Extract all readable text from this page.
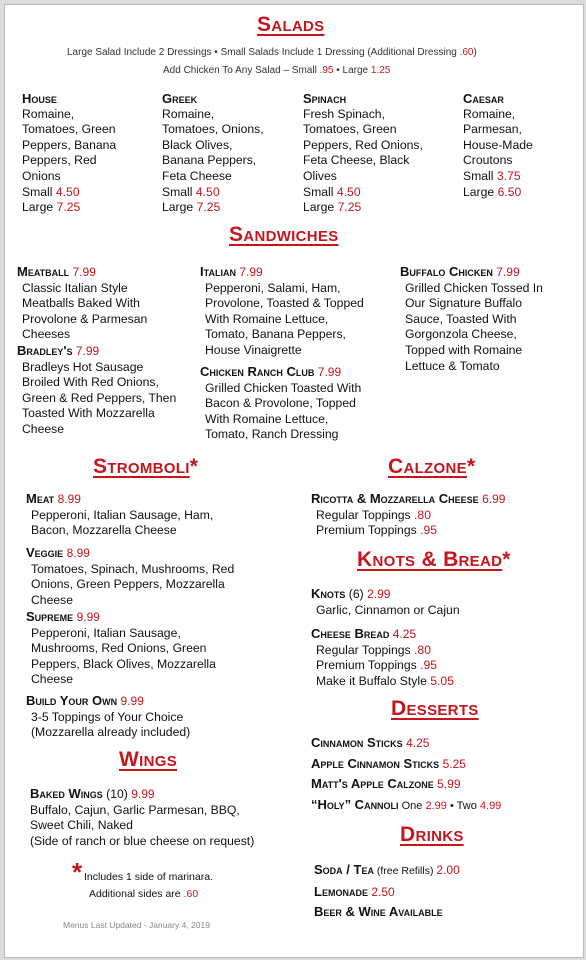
Salads
Large Salad Include 2 Dressings • Small Salads Include 1 Dressing (Additional Dressing .60)
Add Chicken To Any Salad – Small .95 • Large 1.25
House
Romaine,
Tomatoes, Green
Peppers, Banana
Peppers, Red
Onions
Small 4.50
Large 7.25
Greek
Romaine,
Tomatoes, Onions,
Black Olives,
Banana Peppers,
Feta Cheese
Small 4.50
Large 7.25
Spinach
Fresh Spinach,
Tomatoes, Green
Peppers, Red Onions,
Feta Cheese, Black
Olives
Small 4.50
Large 7.25
Caesar
Romaine,
Parmesan,
House-Made
Croutons
Small 3.75
Large 6.50
Sandwiches
Meatball 7.99
Classic Italian Style
Meatballs Baked With
Provolone & Parmesan
Cheeses
Bradley's 7.99
Bradleys Hot Sausage
Broiled With Red Onions,
Green & Red Peppers, Then
Toasted With Mozzarella
Cheese
Italian 7.99
Pepperoni, Salami, Ham,
Provolone, Toasted & Topped
With Romaine Lettuce,
Tomato, Banana Peppers,
House Vinaigrette
Chicken Ranch Club 7.99
Grilled Chicken Toasted With
Bacon & Provolone, Topped
With Romaine Lettuce,
Tomato, Ranch Dressing
Buffalo Chicken 7.99
Grilled Chicken Tossed In
Our Signature Buffalo
Sauce, Toasted With
Gorgonzola Cheese,
Topped with Romaine
Lettuce & Tomato
Stromboli*
Meat 8.99
Pepperoni, Italian Sausage, Ham,
Bacon, Mozzarella Cheese
Veggie 8.99
Tomatoes, Spinach, Mushrooms, Red
Onions, Green Peppers, Mozzarella
Cheese
Supreme 9.99
Pepperoni, Italian Sausage,
Mushrooms, Red Onions, Green
Peppers, Black Olives, Mozzarella
Cheese
Build Your Own 9.99
3-5 Toppings of Your Choice
(Mozzarella already included)
Wings
Baked Wings (10) 9.99
Buffalo, Cajun, Garlic Parmesan, BBQ,
Sweet Chili, Naked
(Side of ranch or blue cheese on request)
* Includes 1 side of marinara.
Additional sides are .60
Menus Last Updated - January 4, 2019
Calzone*
Ricotta & Mozzarella Cheese 6.99
Regular Toppings .80
Premium Toppings .95
Knots & Bread*
Knots (6) 2.99
Garlic, Cinnamon or Cajun
Cheese Bread 4.25
Regular Toppings .80
Premium Toppings .95
Make it Buffalo Style 5.05
Desserts
Cinnamon Sticks 4.25
Apple Cinnamon Sticks 5.25
Matt's Apple Calzone 5.99
“Holy” Cannoli One 2.99 • Two 4.99
Drinks
Soda / Tea (free Refills) 2.00
Lemonade 2.50
Beer & Wine Available
